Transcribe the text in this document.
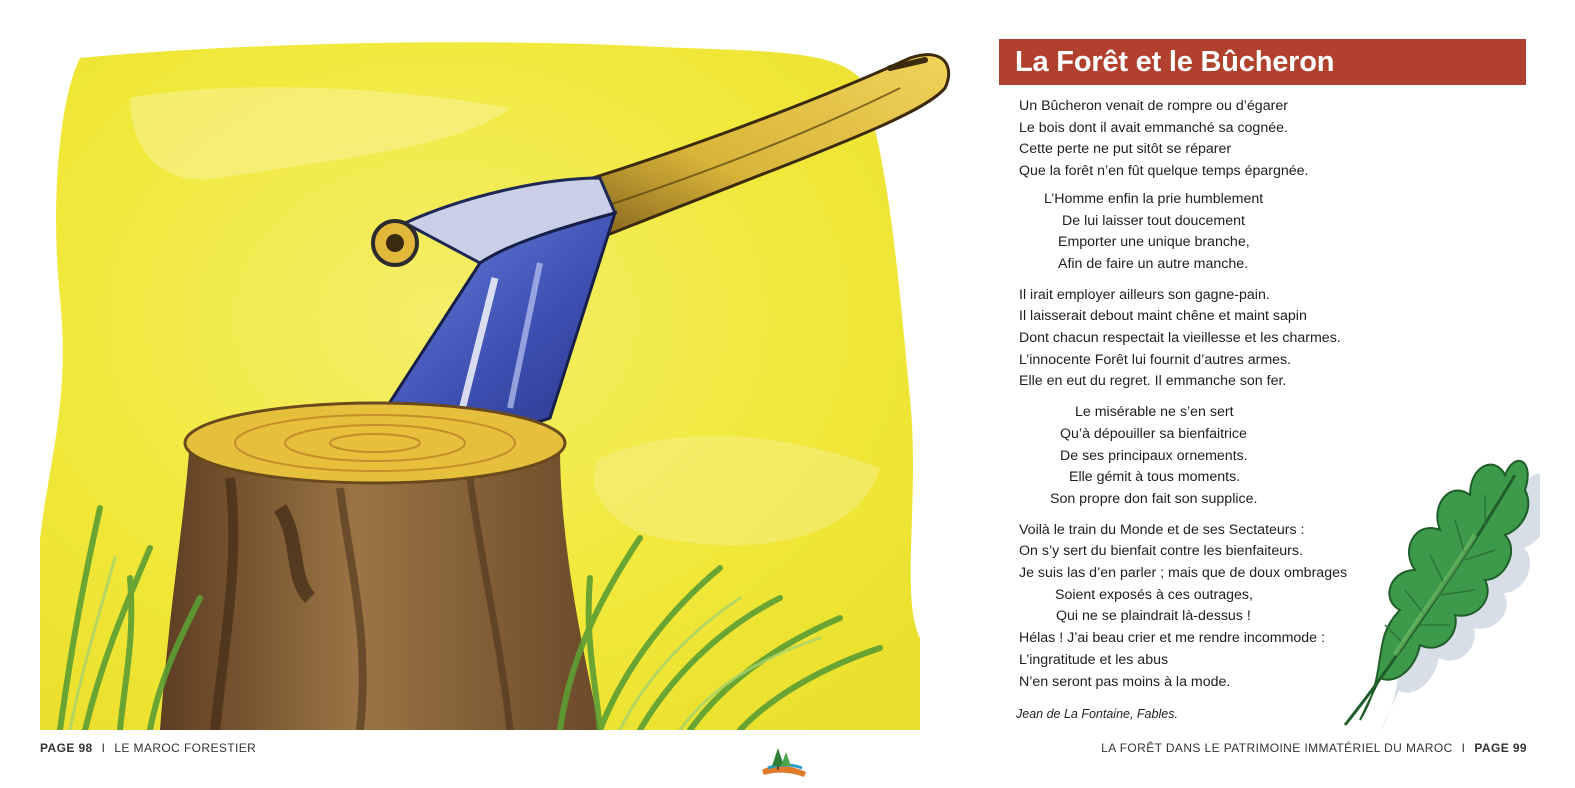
La Forêt et le Bûcheron
Un Bûcheron venait de rompre ou d’égarer
Le bois dont il avait emmanché sa cognée.
Cette perte ne put sitôt se réparer
Que la forêt n’en fût quelque temps épargnée.
L’Homme enfin la prie humblement
De lui laisser tout doucement
Emporter une unique branche,
Afin de faire un autre manche.
Il irait employer ailleurs son gagne-pain.
Il laisserait debout maint chêne et maint sapin
Dont chacun respectait la vieillesse et les charmes.
L’innocente Forêt lui fournit d’autres armes.
Elle en eut du regret. Il emmanche son fer.
Le misérable ne s’en sert
Qu’à dépouiller sa bienfaitrice
De ses principaux ornements.
Elle gémit à tous moments.
Son propre don fait son supplice.
Voilà le train du Monde et de ses Sectateurs :
On s’y sert du bienfait contre les bienfaiteurs.
Je suis las d’en parler ; mais que de doux ombrages
Soient exposés à ces outrages,
Qui ne se plaindrait là-dessus !
Hélas ! J’ai beau crier et me rendre incommode :
L’ingratitude et les abus
N’en seront pas moins à la mode.
Jean de La Fontaine, Fables.
PAGE 98 I LE MAROC FORESTIER	LA FORÊT DANS LE PATRIMOINE IMMATÉRIEL DU MAROC I PAGE 99
